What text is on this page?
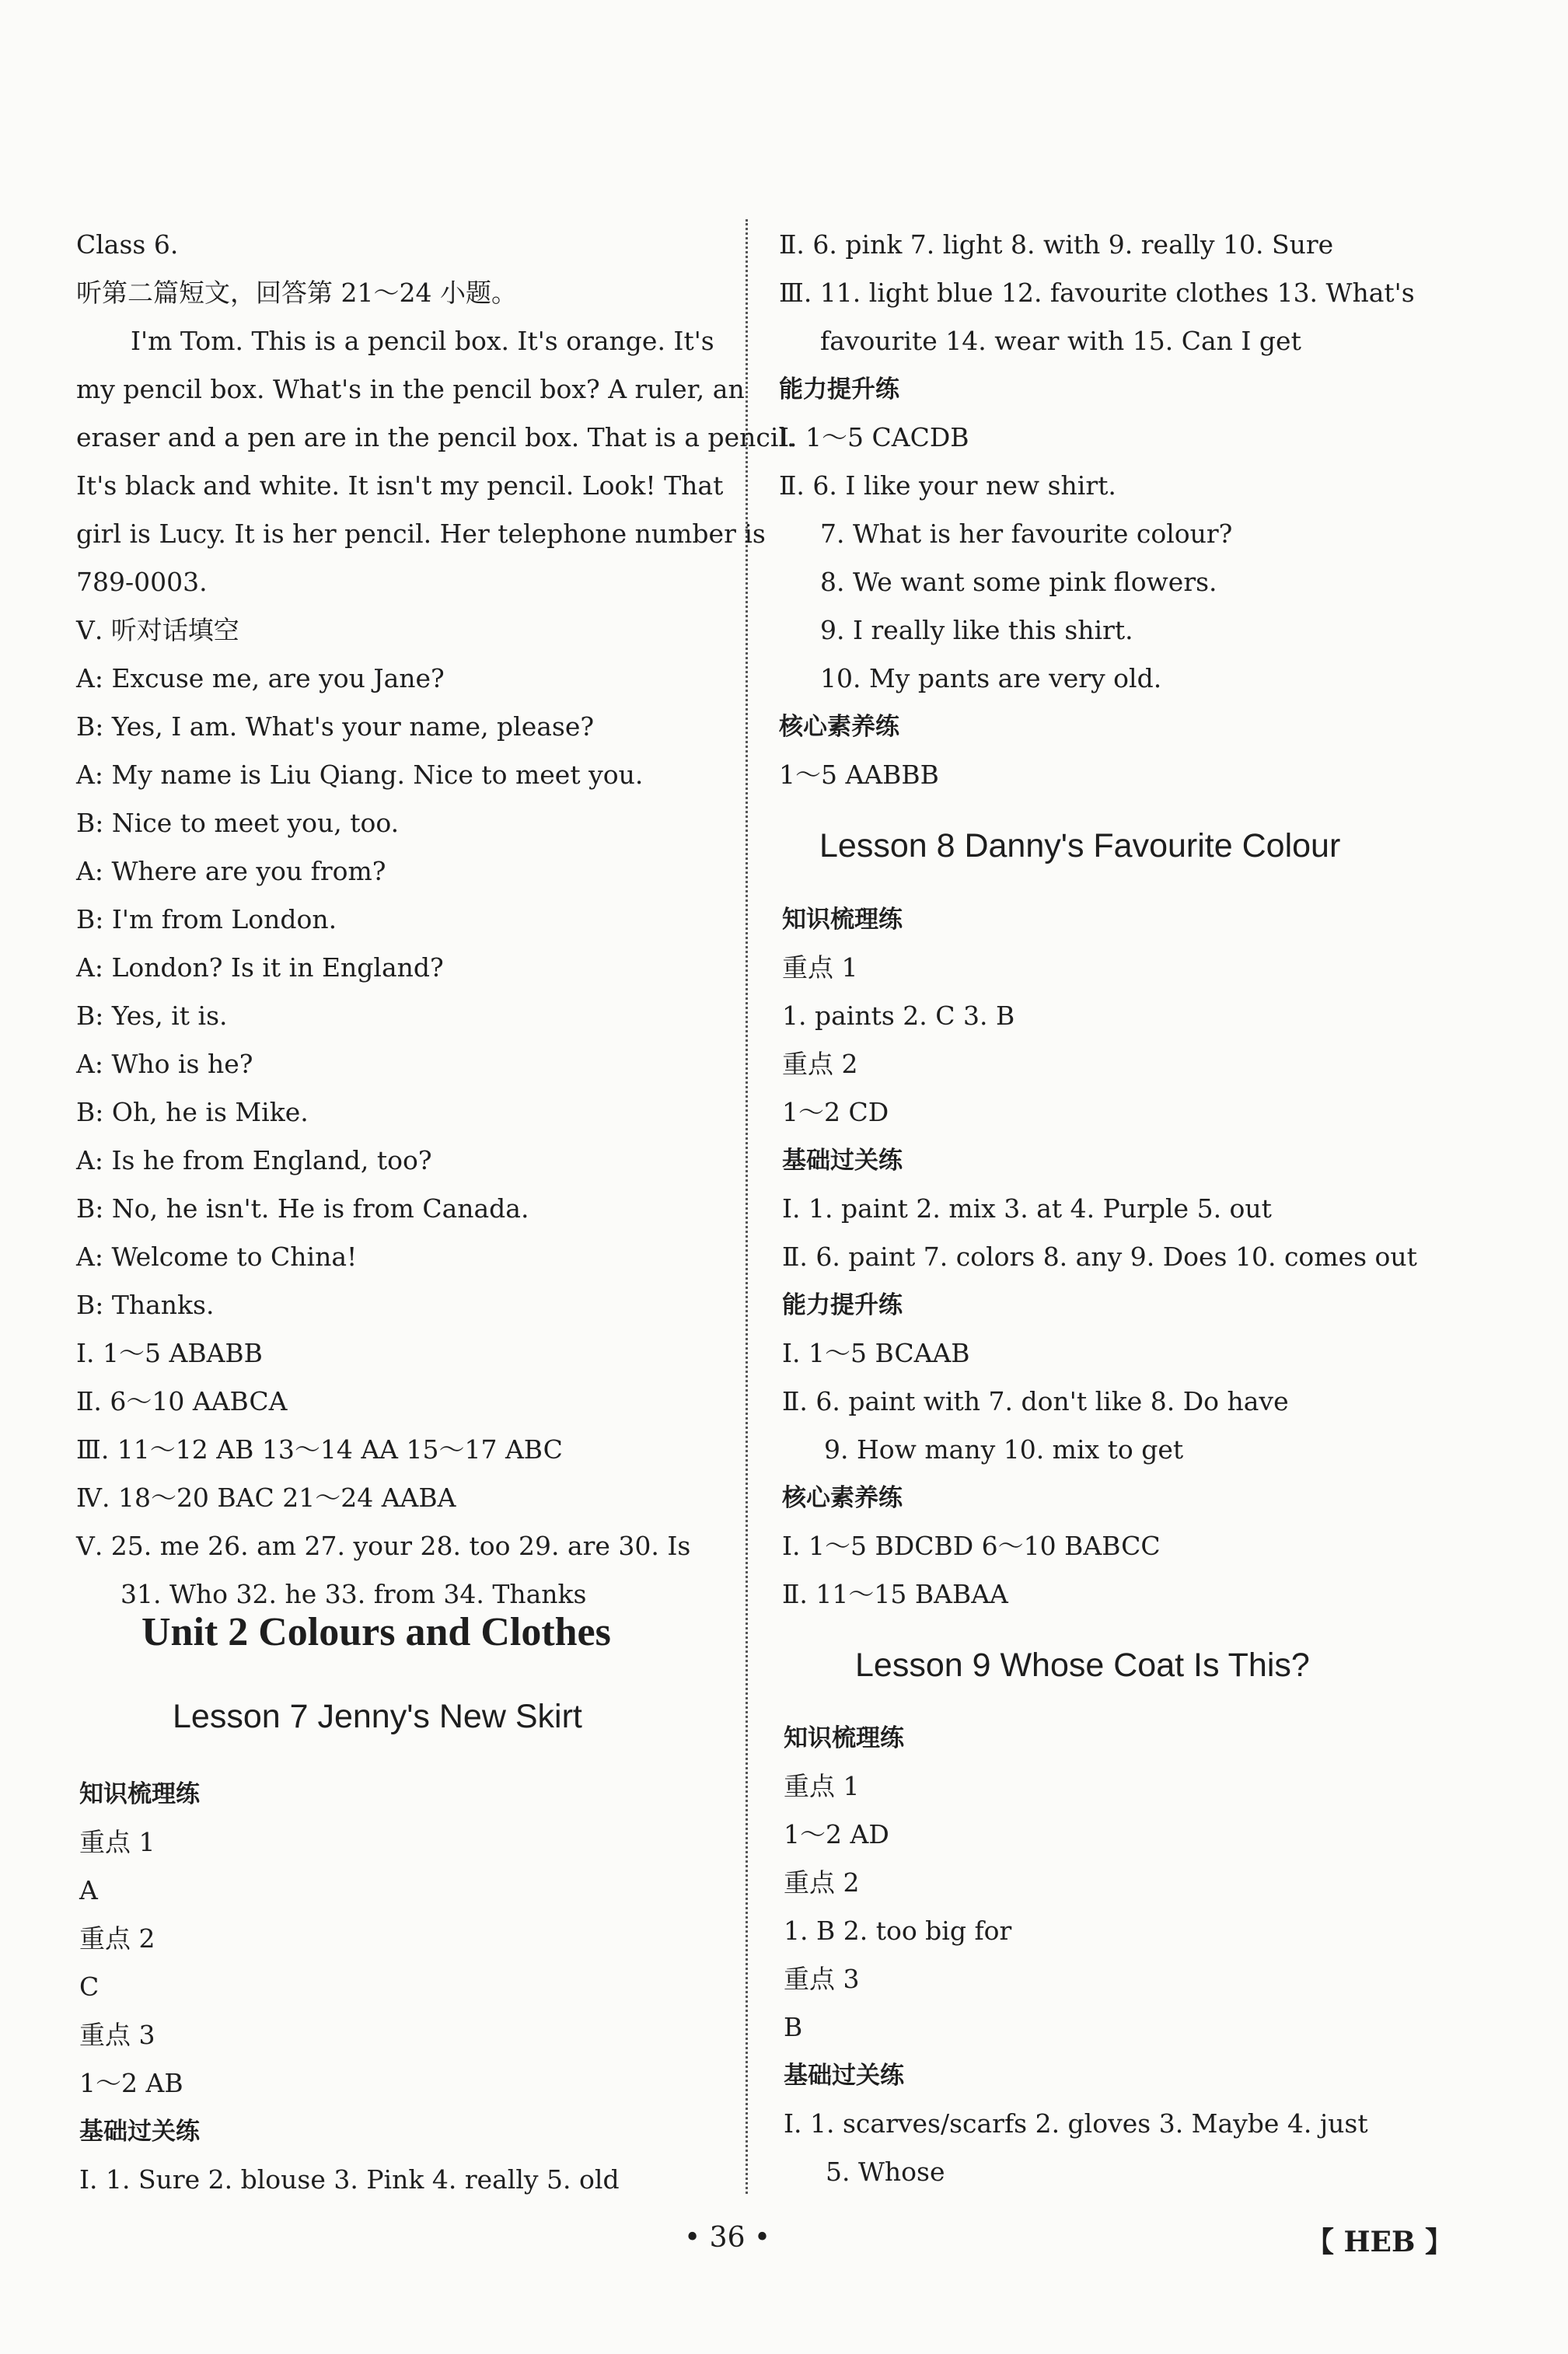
Class 6.
听第二篇短文，回答第 21～24 小题。
I'm Tom. This is a pencil box. It's orange. It's
my pencil box. What's in the pencil box? A ruler, an
eraser and a pen are in the pencil box. That is a pencil.
It's black and white. It isn't my pencil. Look! That
girl is Lucy. It is her pencil. Her telephone number is
789-0003.
Ⅴ. 听对话填空
A: Excuse me, are you Jane?
B: Yes, I am. What's your name, please?
A: My name is Liu Qiang. Nice to meet you.
B: Nice to meet you, too.
A: Where are you from?
B: I'm from London.
A: London? Is it in England?
B: Yes, it is.
A: Who is he?
B: Oh, he is Mike.
A: Is he from England, too?
B: No, he isn't. He is from Canada.
A: Welcome to China!
B: Thanks.
Ⅰ. 1～5 ABABB
Ⅱ. 6～10 AABCA
Ⅲ. 11～12 AB 13～14 AA 15～17 ABC
Ⅳ. 18～20 BAC 21～24 AABA
Ⅴ. 25. me 26. am 27. your 28. too 29. are 30. Is
31. Who 32. he 33. from 34. Thanks
知识梳理练
重点 1
A
重点 2
C
重点 3
1～2 AB
基础过关练
Ⅰ. 1. Sure 2. blouse 3. Pink 4. really 5. old
Unit 2 Colours and Clothes
Lesson 7 Jenny's New Skirt
Ⅱ. 6. pink 7. light 8. with 9. really 10. Sure
Ⅲ. 11. light blue 12. favourite clothes 13. What's
favourite 14. wear with 15. Can I get
能力提升练
Ⅰ. 1～5 CACDB
Ⅱ. 6. I like your new shirt.
7. What is her favourite colour?
8. We want some pink flowers.
9. I really like this shirt.
10. My pants are very old.
核心素养练
1～5 AABBB
知识梳理练
重点 1
1. paints 2. C 3. B
重点 2
1～2 CD
基础过关练
Ⅰ. 1. paint 2. mix 3. at 4. Purple 5. out
Ⅱ. 6. paint 7. colors 8. any 9. Does 10. comes out
能力提升练
Ⅰ. 1～5 BCAAB
Ⅱ. 6. paint with 7. don't like 8. Do have
9. How many 10. mix to get
核心素养练
Ⅰ. 1～5 BDCBD 6～10 BABCC
Ⅱ. 11～15 BABAA
知识梳理练
重点 1
1～2 AD
重点 2
1. B 2. too big for
重点 3
B
基础过关练
Ⅰ. 1. scarves/scarfs 2. gloves 3. Maybe 4. just
5. Whose
Lesson 8 Danny's Favourite Colour
Lesson 9 Whose Coat Is This?
• 36 •	【 HEB 】
